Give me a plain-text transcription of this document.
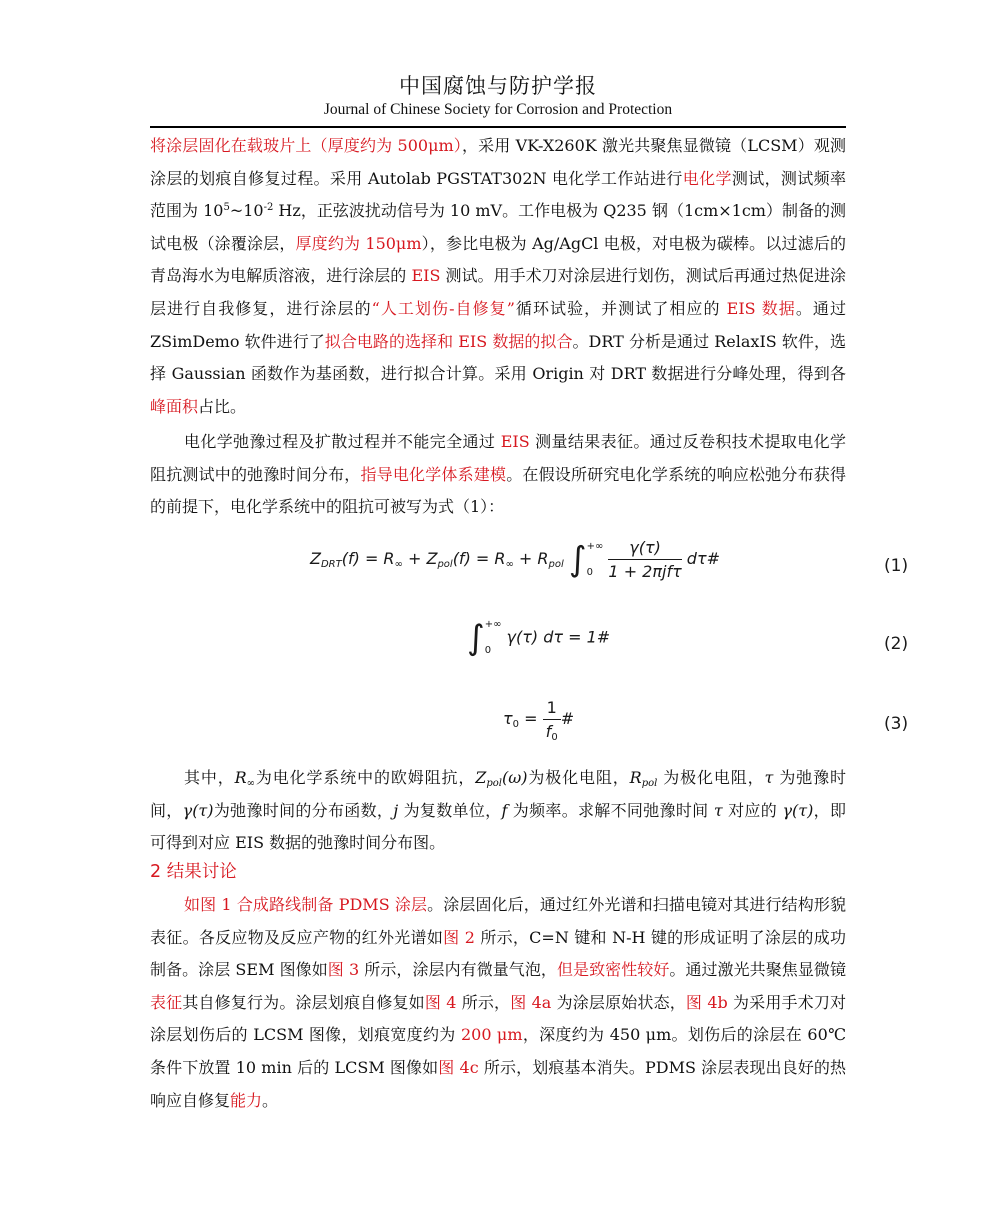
中国腐蚀与防护学报
Journal of Chinese Society for Corrosion and Protection

将涂层固化在载玻片上（厚度约为 500μm），采用 VK-X260K 激光共聚焦显微镜（LCSM）观测涂层的划痕自修复过程。采用 Autolab PGSTAT302N 电化学工作站进行电化学测试，测试频率范围为 $10^5\sim 10^{-2}$ Hz，正弦波扰动信号为 10 mV。工作电极为 Q235 钢（1cm×1cm）制备的测试电极（涂覆涂层，厚度约为 150μm），参比电极为 Ag/AgCl 电极，对电极为碳棒。以过滤后的青岛海水为电解质溶液，进行涂层的 EIS 测试。用手术刀对涂层进行划伤，测试后再通过热促进涂层进行自我修复，进行涂层的“人工划伤-自修复”循环试验，并测试了相应的 EIS 数据。通过 ZSimDemo 软件进行了拟合电路的选择和 EIS 数据的拟合。DRT 分析是通过 RelaxIS 软件，选择 Gaussian 函数作为基函数，进行拟合计算。采用 Origin 对 DRT 数据进行分峰处理，得到各峰面积占比。

电化学弛豫过程及扩散过程并不能完全通过 EIS 测量结果表征。通过反卷积技术提取电化学阻抗测试中的弛豫时间分布，指导电化学体系建模。在假设所研究电化学系统的响应松弛分布获得的前提下，电化学系统中的阻抗可被写为式（1）：

$Z_{DRT}(f) = R_\infty + Z_{pol}(f) = R_\infty + R_{pol}$ ∫ +∞
0
$\frac{\gamma(\tau)}{\text{1 + 2πjfτ}}$ dτ#	(1)
∫ +∞
0
γ(τ) dτ = 1#	(2)
$\tau_0 = \frac{1}{f_0}$ #	(3)

其中，$R_\infty$为电化学系统中的欧姆阻抗，$Z_{pol}(\omega)$为极化电阻，$R_{pol}$ 为极化电阻，τ 为弛豫时间，γ(τ)为弛豫时间的分布函数，j 为复数单位，f 为频率。求解不同弛豫时间 τ 对应的 γ(τ)，即可得到对应 EIS 数据的弛豫时间分布图。

2 结果讨论

如图 1 合成路线制备 PDMS 涂层。涂层固化后，通过红外光谱和扫描电镜对其进行结构形貌表征。各反应物及反应产物的红外光谱如图 2 所示，C=N 键和 N-H 键的形成证明了涂层的成功制备。涂层 SEM 图像如图 3 所示，涂层内有微量气泡，但是致密性较好。通过激光共聚焦显微镜表征其自修复行为。涂层划痕自修复如图 4 所示，图 4a 为涂层原始状态，图 4b 为采用手术刀对涂层划伤后的 LCSM 图像，划痕宽度约为 200 μm，深度约为 450 μm。划伤后的涂层在 60℃条件下放置 10 min 后的 LCSM 图像如图 4c 所示，划痕基本消失。PDMS 涂层表现出良好的热响应自修复能力。
